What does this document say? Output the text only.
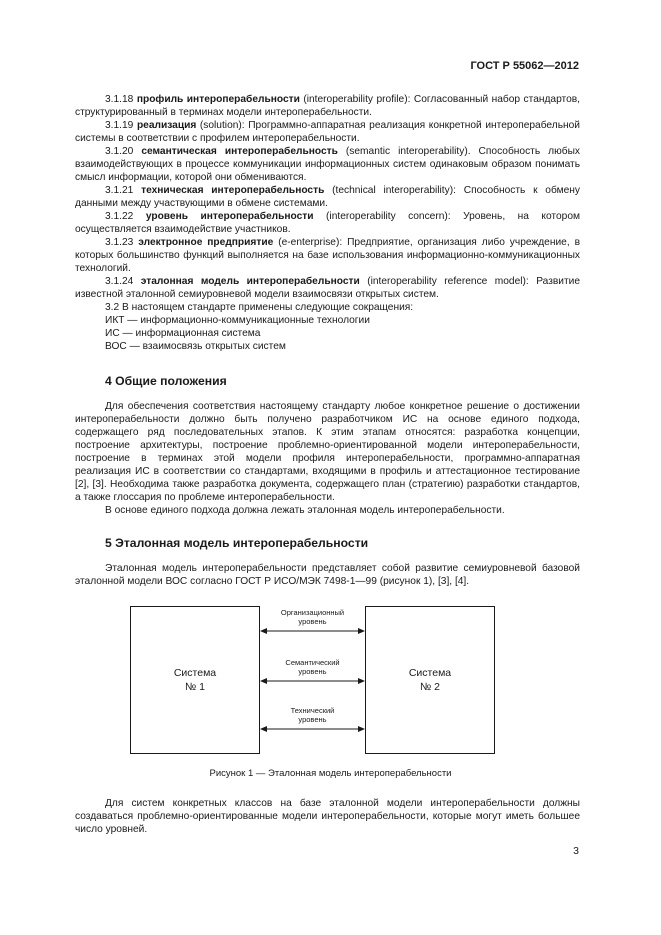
ГОСТ Р 55062—2012

3.1.18 профиль интероперабельности (interoperability profile): Согласованный набор стандартов, структурированный в терминах модели интероперабельности.

3.1.19 реализация (solution): Программно-аппаратная реализация конкретной интероперабельной системы в соответствии с профилем интероперабельности.

3.1.20 семантическая интероперабельность (semantic interoperability). Способность любых взаимодействующих в процессе коммуникации информационных систем одинаковым образом понимать смысл информации, которой они обмениваются.

3.1.21 техническая интероперабельность (technical interoperability): Способность к обмену данными между участвующими в обмене системами.

3.1.22 уровень интероперабельности (interoperability concern): Уровень, на котором осуществляется взаимодействие участников.

3.1.23 электронное предприятие (e-enterprise): Предприятие, организация либо учреждение, в которых большинство функций выполняется на базе использования информационно-коммуникационных технологий.

3.1.24 эталонная модель интероперабельности (interoperability reference model): Развитие известной эталонной семиуровневой модели взаимосвязи открытых систем.

3.2 В настоящем стандарте применены следующие сокращения:

ИКТ — информационно-коммуникационные технологии

ИС — информационная система

ВОС — взаимосвязь открытых систем

4 Общие положения

Для обеспечения соответствия настоящему стандарту любое конкретное решение о достижении интероперабельности должно быть получено разработчиком ИС на основе единого подхода, содержащего ряд последовательных этапов. К этим этапам относятся: разработка концепции, построение архитектуры, построение проблемно-ориентированной модели интероперабельности, построение в терминах этой модели профиля интероперабельности, программно-аппаратная реализация ИС в соответствии со стандартами, входящими в профиль и аттестационное тестирование [2], [3]. Необходима также разработка документа, содержащего план (стратегию) разработки стандартов, а также глоссария по проблеме интероперабельности.

В основе единого подхода должна лежать эталонная модель интероперабельности.

5 Эталонная модель интероперабельности

Эталонная модель интероперабельности представляет собой развитие семиуровневой базовой эталонной модели ВОС согласно ГОСТ Р ИСО/МЭК 7498-1—99 (рисунок 1), [3], [4].

Система
№ 1
Система
№ 2
Организационный
уровень
Семантический
уровень
Технический
уровень
Рисунок 1 — Эталонная модель интероперабельности

Для систем конкретных классов на базе эталонной модели интероперабельности должны создаваться проблемно-ориентированные модели интероперабельности, которые могут иметь большее число уровней.

3
